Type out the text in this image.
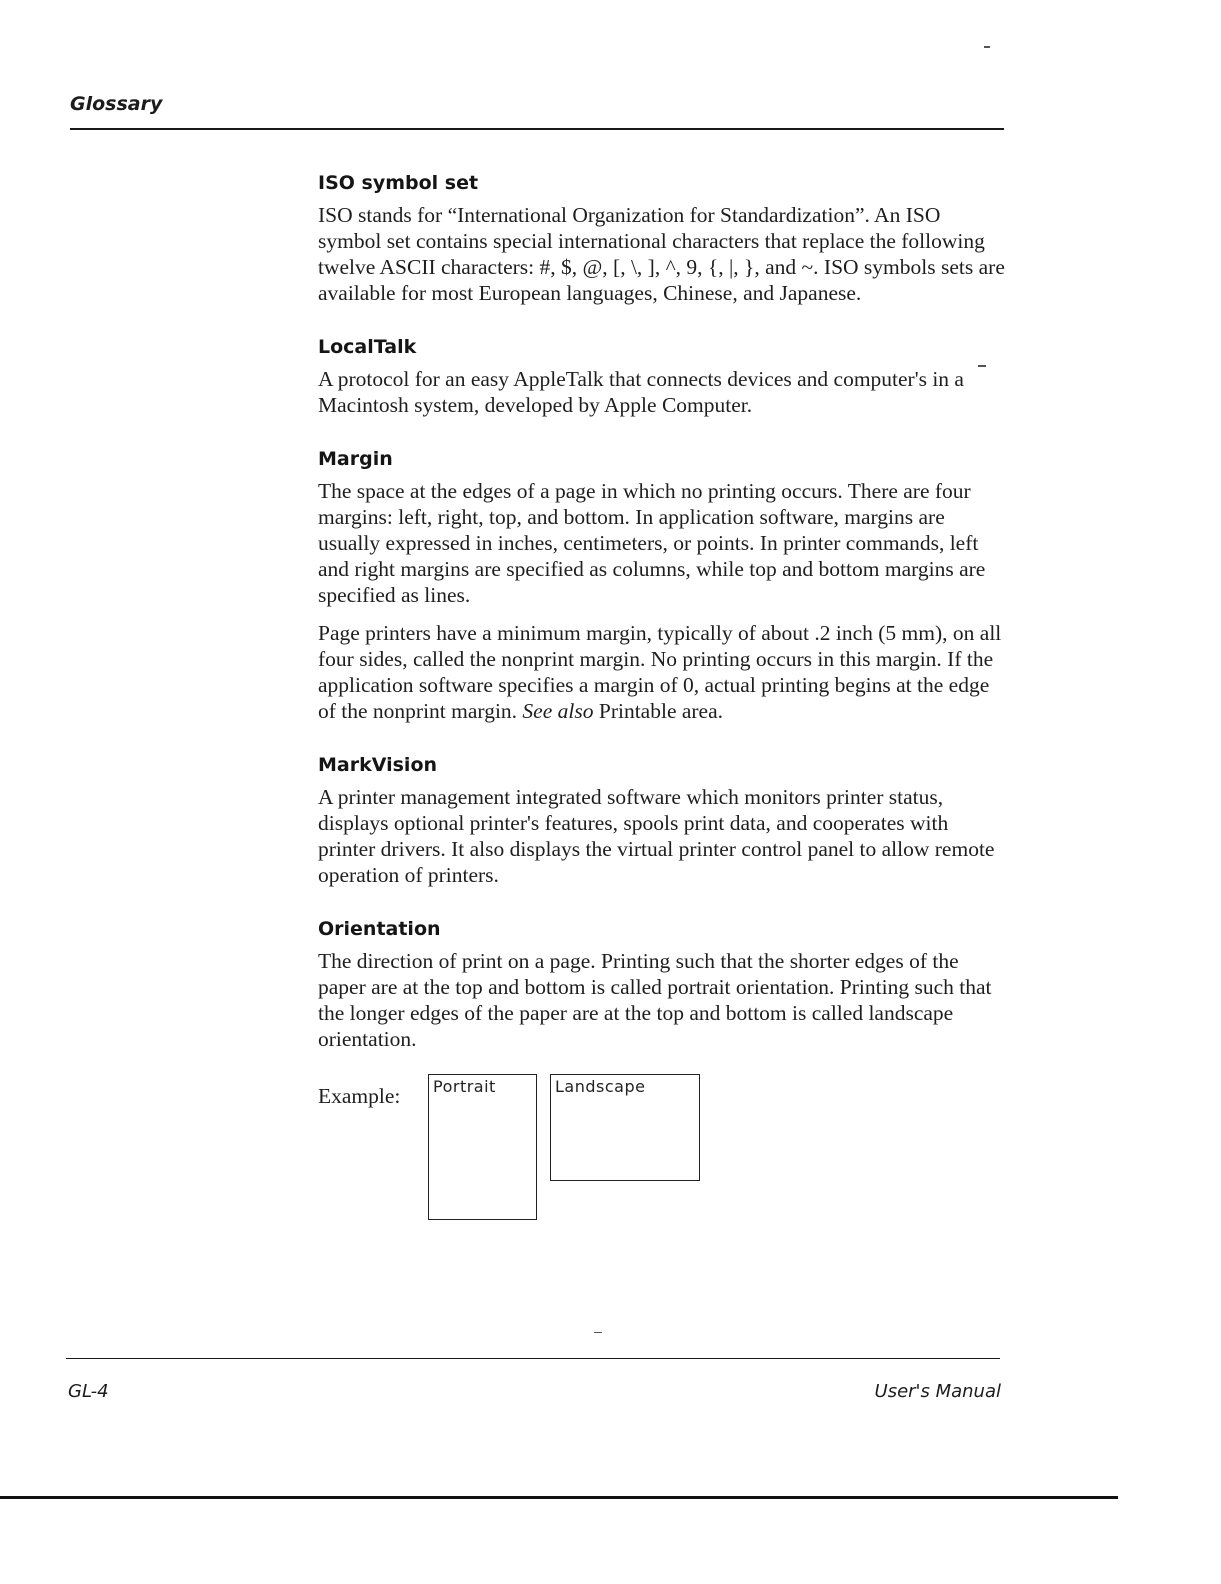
Glossary
ISO symbol set

ISO stands for “International Organization for Standardization”. An ISO symbol set contains special international characters that replace the following twelve ASCII characters: #, $, @, [, \, ], ^, 9, {, |, }, and ~. ISO symbols sets are available for most European languages, Chinese, and Japanese.

LocalTalk

A protocol for an easy AppleTalk that connects devices and computer's in a Macintosh system, developed by Apple Computer.

Margin

The space at the edges of a page in which no printing occurs. There are four margins: left, right, top, and bottom. In application software, margins are usually expressed in inches, centimeters, or points. In printer commands, left and right margins are specified as columns, while top and bottom margins are specified as lines.

Page printers have a minimum margin, typically of about .2 inch (5 mm), on all four sides, called the nonprint margin. No printing occurs in this margin. If the application software specifies a margin of 0, actual printing begins at the edge of the nonprint margin. See also Printable area.

MarkVision

A printer management integrated software which monitors printer status, displays optional printer's features, spools print data, and cooperates with printer drivers. It also displays the virtual printer control panel to allow remote operation of printers.

Orientation

The direction of print on a page. Printing such that the shorter edges of the paper are at the top and bottom is called portrait orientation. Printing such that the longer edges of the paper are at the top and bottom is called landscape orientation.

Example:	Portrait	Landscape
GL-4	User's Manual
